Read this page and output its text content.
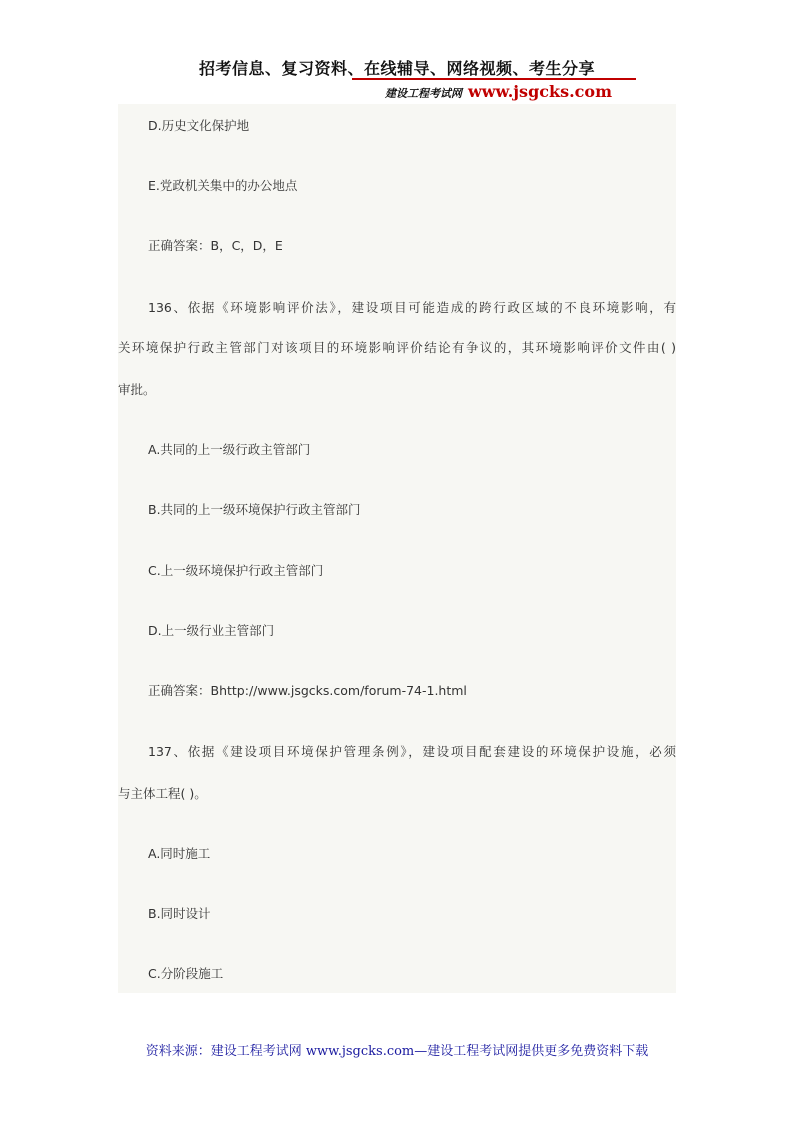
招考信息、复习资料、在线辅导、网络视频、考生分享
建设工程考试网 www.jsgcks.com
D.历史文化保护地
E.党政机关集中的办公地点
正确答案：B，C，D，E
136、依据《环境影响评价法》，建设项目可能造成的跨行政区域的不良环境影响，有
关环境保护行政主管部门对该项目的环境影响评价结论有争议的，其环境影响评价文件由( )
审批。
A.共同的上一级行政主管部门
B.共同的上一级环境保护行政主管部门
C.上一级环境保护行政主管部门
D.上一级行业主管部门
正确答案：Bhttp://www.jsgcks.com/forum-74-1.html
137、依据《建设项目环境保护管理条例》，建设项目配套建设的环境保护设施，必须
与主体工程( )。
A.同时施工
B.同时设计
C.分阶段施工
资料来源：建设工程考试网 www.jsgcks.com—建设工程考试网提供更多免费资料下载
